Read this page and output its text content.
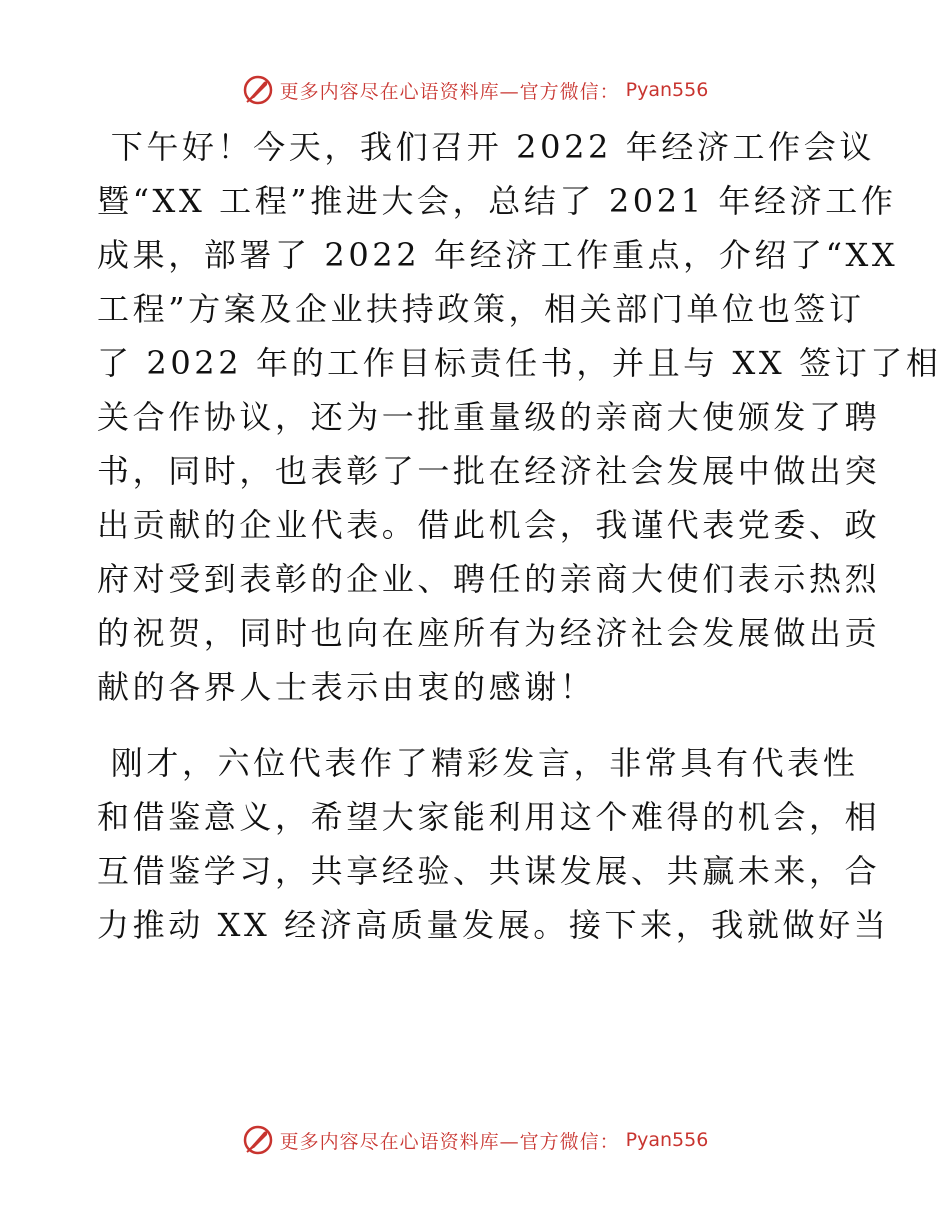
更多内容尽在心语资料库—官方微信： Pyan556

下午好！今天，我们召开 2022 年经济工作会议
暨“XX 工程”推进大会，总结了 2021 年经济工作
成果，部署了 2022 年经济工作重点，介绍了“XX
工程”方案及企业扶持政策，相关部门单位也签订
了 2022 年的工作目标责任书，并且与 XX 签订了相
关合作协议，还为一批重量级的亲商大使颁发了聘
书，同时，也表彰了一批在经济社会发展中做出突
出贡献的企业代表。借此机会，我谨代表党委、政
府对受到表彰的企业、聘任的亲商大使们表示热烈
的祝贺，同时也向在座所有为经济社会发展做出贡
献的各界人士表示由衷的感谢！

刚才，六位代表作了精彩发言，非常具有代表性
和借鉴意义，希望大家能利用这个难得的机会，相
互借鉴学习，共享经验、共谋发展、共赢未来，合
力推动 XX 经济高质量发展。接下来，我就做好当

更多内容尽在心语资料库—官方微信： Pyan556
